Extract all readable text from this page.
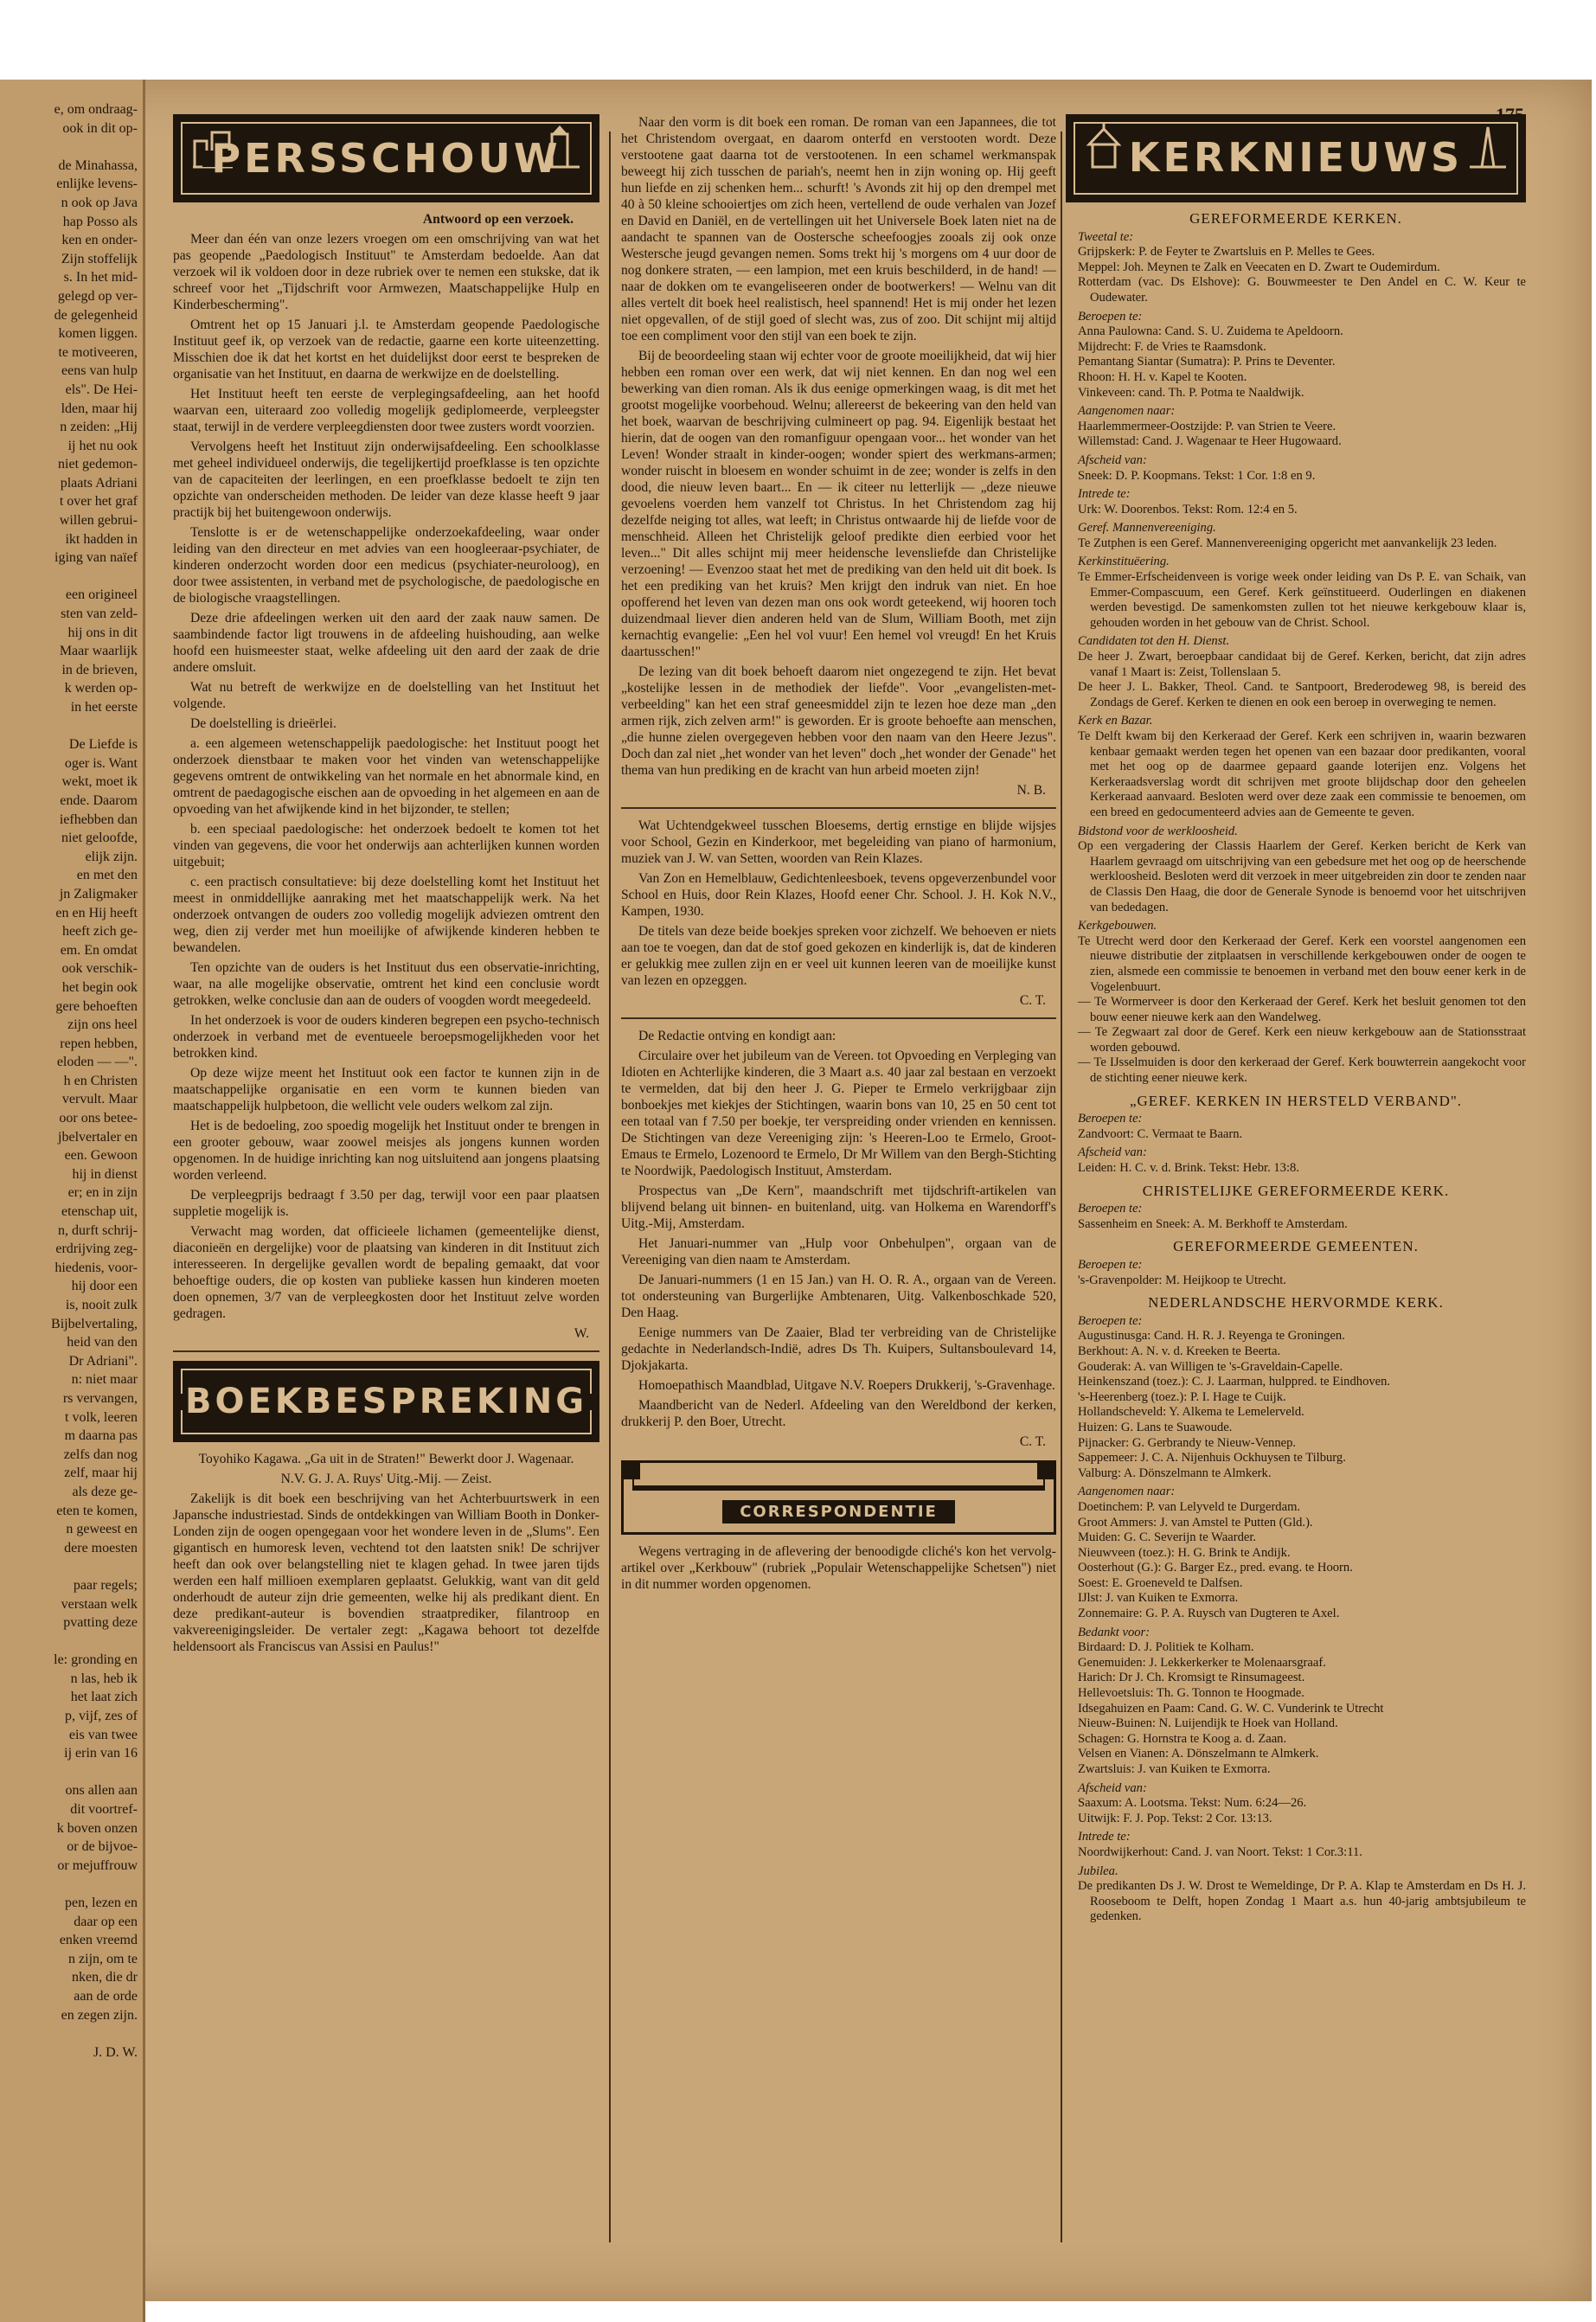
e, om ondraag-
ook in dit op-

de Minahassa,
enlijke levens-
n ook op Java
hap Posso als
ken en onder-
Zijn stoffelijk
s. In het mid-
gelegd op ver-
de gelegenheid
komen liggen.
te motiveeren,
eens van hulp
els". De Hei-
lden, maar hij
n zeiden: „Hij
ij het nu ook
niet gedemon-
plaats Adriani
t over het graf
willen gebrui-
ikt hadden in
iging van naïef

een origineel
sten van zeld-
hij ons in dit
Maar waarlijk
in de brieven,
k werden op-
in het eerste

De Liefde is
oger is. Want
wekt, moet ik
ende. Daarom
iefhebben dan
niet geloofde,
elijk zijn.
en met den
jn Zaligmaker
en en Hij heeft
heeft zich ge-
em. En omdat
ook verschik-
het begin ook
gere behoeften
zijn ons heel
repen hebben,
eloden — —".
h en Christen
vervult. Maar
oor ons betee-
jbelvertaler en
een. Gewoon
hij in dienst
er; en in zijn
etenschap uit,
n, durft schrij-
erdrijving zeg-
hiedenis, voor-
hij door een
is, nooit zulk
Bijbelvertaling,
heid van den
Dr Adriani".
n: niet maar
rs vervangen,
t volk, leeren
m daarna pas
zelfs dan nog
zelf, maar hij
als deze ge-
eten te komen,
n geweest en
dere moesten

paar regels;
verstaan welk
pvatting deze

le: gronding en
n las, heb ik
het laat zich
p, vijf, zes of
eis van twee
ij erin van 16

ons allen aan
dit voortref-
k boven onzen
or de bijvoe-
or mejuffrouw

pen, lezen en
daar op een
enken vreemd
n zijn, om te
nken, die dr
aan de orde
en zegen zijn.

J. D. W.
PERSSCHOUW

Antwoord op een verzoek.

Meer dan één van onze lezers vroegen om een omschrijving van wat het pas geopende „Paedologisch Instituut" te Amsterdam bedoelde. Aan dat verzoek wil ik voldoen door in deze rubriek over te nemen een stukske, dat ik schreef voor het „Tijdschrift voor Armwezen, Maatschappelijke Hulp en Kinderbescherming".

Omtrent het op 15 Januari j.l. te Amsterdam geopende Paedologische Instituut geef ik, op verzoek van de redactie, gaarne een korte uiteenzetting. Misschien doe ik dat het kortst en het duidelijkst door eerst te bespreken de organisatie van het Instituut, en daarna de werkwijze en de doelstelling.

Het Instituut heeft ten eerste de verplegingsafdeeling, aan het hoofd waarvan een, uiteraard zoo volledig mogelijk gediplomeerde, verpleegster staat, terwijl in de verdere verpleegdiensten door twee zusters wordt voorzien.

Vervolgens heeft het Instituut zijn onderwijsafdeeling. Een schoolklasse met geheel individueel onderwijs, die tegelijkertijd proefklasse is ten opzichte van de capaciteiten der leerlingen, en een proefklasse bedoelt te zijn ten opzichte van onderscheiden methoden. De leider van deze klasse heeft 9 jaar practijk bij het buitengewoon onderwijs.

Tenslotte is er de wetenschappelijke onderzoekafdeeling, waar onder leiding van den directeur en met advies van een hoogleeraar-psychiater, de kinderen onderzocht worden door een medicus (psychiater-neuroloog), en door twee assistenten, in verband met de psychologische, de paedologische en de biologische vraagstellingen.

Deze drie afdeelingen werken uit den aard der zaak nauw samen. De saambindende factor ligt trouwens in de afdeeling huishouding, aan welke hoofd een huismeester staat, welke afdeeling uit den aard der zaak de drie andere omsluit.

Wat nu betreft de werkwijze en de doelstelling van het Instituut het volgende.

De doelstelling is drieërlei.

a. een algemeen wetenschappelijk paedologische: het Instituut poogt het onderzoek dienstbaar te maken voor het vinden van wetenschappelijke gegevens omtrent de ontwikkeling van het normale en het abnormale kind, en omtrent de paedagogische eischen aan de opvoeding in het algemeen en aan de opvoeding van het afwijkende kind in het bijzonder, te stellen;

b. een speciaal paedologische: het onderzoek bedoelt te komen tot het vinden van gegevens, die voor het onderwijs aan achterlijken kunnen worden uitgebuit;

c. een practisch consultatieve: bij deze doelstelling komt het Instituut het meest in onmiddellijke aanraking met het maatschappelijk werk. Na het onderzoek ontvangen de ouders zoo volledig mogelijk adviezen omtrent den weg, dien zij verder met hun moeilijke of afwijkende kinderen hebben te bewandelen.

Ten opzichte van de ouders is het Instituut dus een observatie-inrichting, waar, na alle mogelijke observatie, omtrent het kind een conclusie wordt getrokken, welke conclusie dan aan de ouders of voogden wordt meegedeeld.

In het onderzoek is voor de ouders kinderen begrepen een psycho-technisch onderzoek in verband met de eventueele beroepsmogelijkheden voor het betrokken kind.

Op deze wijze meent het Instituut ook een factor te kunnen zijn in de maatschappelijke organisatie en een vorm te kunnen bieden van maatschappelijk hulpbetoon, die wellicht vele ouders welkom zal zijn.

Het is de bedoeling, zoo spoedig mogelijk het Instituut onder te brengen in een grooter gebouw, waar zoowel meisjes als jongens kunnen worden opgenomen. In de huidige inrichting kan nog uitsluitend aan jongens plaatsing worden verleend.

De verpleegprijs bedraagt f 3.50 per dag, terwijl voor een paar plaatsen suppletie mogelijk is.

Verwacht mag worden, dat officieele lichamen (gemeentelijke dienst, diaconieën en dergelijke) voor de plaatsing van kinderen in dit Instituut zich interesseeren. In dergelijke gevallen wordt de bepaling gemaakt, dat voor behoeftige ouders, die op kosten van publieke kassen hun kinderen moeten doen opnemen, 3/7 van de verpleegkosten door het Instituut zelve worden gedragen.

W.

BOEKBESPREKING

Toyohiko Kagawa. „Ga uit in de Straten!" Bewerkt door J. Wagenaar.

N.V. G. J. A. Ruys' Uitg.-Mij. — Zeist.

Zakelijk is dit boek een beschrijving van het Achterbuurtswerk in een Japansche industriestad. Sinds de ontdekkingen van William Booth in Donker-Londen zijn de oogen opengegaan voor het wondere leven in de „Slums". Een gigantisch en humoresk leven, vechtend tot den laatsten snik! De schrijver heeft dan ook over belangstelling niet te klagen gehad. In twee jaren tijds werden een half millioen exemplaren geplaatst. Gelukkig, want van dit geld onderhoudt de auteur zijn drie gemeenten, welke hij als predikant dient. En deze predikant-auteur is bovendien straatprediker, filantroop en vakvereenigingsleider. De vertaler zegt: „Kagawa behoort tot dezelfde heldensoort als Franciscus van Assisi en Paulus!"

Naar den vorm is dit boek een roman. De roman van een Japannees, die tot het Christendom overgaat, en daarom onterfd en verstooten wordt. Deze verstootene gaat daarna tot de verstootenen. In een schamel werkmanspak beweegt hij zich tusschen de pariah's, neemt hen in zijn woning op. Hij geeft hun liefde en zij schenken hem... schurft! 's Avonds zit hij op den drempel met 40 à 50 kleine schooiertjes om zich heen, vertellend de oude verhalen van Jozef en David en Daniël, en de vertellingen uit het Universele Boek laten niet na de aandacht te spannen van de Oostersche scheefoogjes zooals zij ook onze Westersche jeugd gevangen nemen. Soms trekt hij 's morgens om 4 uur door de nog donkere straten, — een lampion, met een kruis beschilderd, in de hand! — naar de dokken om te evangeliseeren onder de bootwerkers! — Welnu van dit alles vertelt dit boek heel realistisch, heel spannend! Het is mij onder het lezen niet opgevallen, of de stijl goed of slecht was, zus of zoo. Dit schijnt mij altijd toe een compliment voor den stijl van een boek te zijn.

Bij de beoordeeling staan wij echter voor de groote moeilijkheid, dat wij hier hebben een roman over een werk, dat wij niet kennen. En dan nog wel een bewerking van dien roman. Als ik dus eenige opmerkingen waag, is dit met het grootst mogelijke voorbehoud. Welnu; allereerst de bekeering van den held van het boek, waarvan de beschrijving culmineert op pag. 94. Eigenlijk bestaat het hierin, dat de oogen van den romanfiguur opengaan voor... het wonder van het Leven! Wonder straalt in kinder-oogen; wonder spiert des werkmans-armen; wonder ruischt in bloesem en wonder schuimt in de zee; wonder is zelfs in den dood, die nieuw leven baart... En — ik citeer nu letterlijk — „deze nieuwe gevoelens voerden hem vanzelf tot Christus. In het Christendom zag hij dezelfde neiging tot alles, wat leeft; in Christus ontwaarde hij de liefde voor de menschheid. Alleen het Christelijk geloof predikte dien eerbied voor het leven..." Dit alles schijnt mij meer heidensche levensliefde dan Christelijke verzoening! — Evenzoo staat het met de prediking van den held uit dit boek. Is het een prediking van het kruis? Men krijgt den indruk van niet. En hoe opofferend het leven van dezen man ons ook wordt geteekend, wij hooren toch duizendmaal liever dien anderen held van de Slum, William Booth, met zijn kernachtig evangelie: „Een hel vol vuur! Een hemel vol vreugd! En het Kruis daartusschen!"

De lezing van dit boek behoeft daarom niet ongezegend te zijn. Het bevat „kostelijke lessen in de methodiek der liefde". Voor „evangelisten-met-verbeelding" kan het een straf geneesmiddel zijn te lezen hoe deze man „den armen rijk, zich zelven arm!" is geworden. Er is groote behoefte aan menschen, „die hunne zielen overgegeven hebben voor den naam van den Heere Jezus". Doch dan zal niet „het wonder van het leven" doch „het wonder der Genade" het thema van hun prediking en de kracht van hun arbeid moeten zijn!

N. B.

Wat Uchtendgekweel tusschen Bloesems, dertig ernstige en blijde wijsjes voor School, Gezin en Kinderkoor, met begeleiding van piano of harmonium, muziek van J. W. van Setten, woorden van Rein Klazes.

Van Zon en Hemelblauw, Gedichtenleesboek, tevens opgeverzenbundel voor School en Huis, door Rein Klazes, Hoofd eener Chr. School. J. H. Kok N.V., Kampen, 1930.

De titels van deze beide boekjes spreken voor zichzelf. We behoeven er niets aan toe te voegen, dan dat de stof goed gekozen en kinderlijk is, dat de kinderen er gelukkig mee zullen zijn en er veel uit kunnen leeren van de moeilijke kunst van lezen en opzeggen.

C. T.

De Redactie ontving en kondigt aan:

Circulaire over het jubileum van de Vereen. tot Opvoeding en Verpleging van Idioten en Achterlijke kinderen, die 3 Maart a.s. 40 jaar zal bestaan en verzoekt te vermelden, dat bij den heer J. G. Pieper te Ermelo verkrijgbaar zijn bonboekjes met kiekjes der Stichtingen, waarin bons van 10, 25 en 50 cent tot een totaal van f 7.50 per boekje, ter verspreiding onder vrienden en kennissen. De Stichtingen van deze Vereeniging zijn: 's Heeren-Loo te Ermelo, Groot-Emaus te Ermelo, Lozenoord te Ermelo, Dr Mr Willem van den Bergh-Stichting te Noordwijk, Paedologisch Instituut, Amsterdam.

Prospectus van „De Kern", maandschrift met tijdschrift-artikelen van blijvend belang uit binnen- en buitenland, uitg. van Holkema en Warendorff's Uitg.-Mij, Amsterdam.

Het Januari-nummer van „Hulp voor Onbehulpen", orgaan van de Vereeniging van dien naam te Amsterdam.

De Januari-nummers (1 en 15 Jan.) van H. O. R. A., orgaan van de Vereen. tot ondersteuning van Burgerlijke Ambtenaren, Uitg. Valkenboschkade 520, Den Haag.

Eenige nummers van De Zaaier, Blad ter verbreiding van de Christelijke gedachte in Nederlandsch-Indië, adres Ds Th. Kuipers, Sultansboulevard 14, Djokjakarta.

Homoepathisch Maandblad, Uitgave N.V. Roepers Drukkerij, 's-Gravenhage.

Maandbericht van de Nederl. Afdeeling van den Wereldbond der kerken, drukkerij P. den Boer, Utrecht.

C. T.

CORRESPONDENTIE

Wegens vertraging in de aflevering der benoodigde cliché's kon het vervolg-artikel over „Kerkbouw" (rubriek „Populair Wetenschappelijke Schetsen") niet in dit nummer worden opgenomen.

KERKNIEUWS
GEREFORMEERDE KERKEN.

Tweetal te:

Grijpskerk: P. de Feyter te Zwartsluis en P. Melles te Gees.

Meppel: Joh. Meynen te Zalk en Veecaten en D. Zwart te Oudemirdum.

Rotterdam (vac. Ds Elshove): G. Bouwmeester te Den Andel en C. W. Keur te Oudewater.

Beroepen te:

Anna Paulowna: Cand. S. U. Zuidema te Apeldoorn.

Mijdrecht: F. de Vries te Raamsdonk.

Pemantang Siantar (Sumatra): P. Prins te Deventer.

Rhoon: H. H. v. Kapel te Kooten.

Vinkeveen: cand. Th. P. Potma te Naaldwijk.

Aangenomen naar:

Haarlemmermeer-Oostzijde: P. van Strien te Veere.

Willemstad: Cand. J. Wagenaar te Heer Hugowaard.

Afscheid van:

Sneek: D. P. Koopmans. Tekst: 1 Cor. 1:8 en 9.

Intrede te:

Urk: W. Doorenbos. Tekst: Rom. 12:4 en 5.

Geref. Mannenvereeniging.

Te Zutphen is een Geref. Mannenvereeniging opgericht met aanvankelijk 23 leden.

Kerkinstituëering.

Te Emmer-Erfscheidenveen is vorige week onder leiding van Ds P. E. van Schaik, van Emmer-Compascuum, een Geref. Kerk geïnstitueerd. Ouderlingen en diakenen werden bevestigd. De samenkomsten zullen tot het nieuwe kerkgebouw klaar is, gehouden worden in het gebouw van de Christ. School.

Candidaten tot den H. Dienst.

De heer J. Zwart, beroepbaar candidaat bij de Geref. Kerken, bericht, dat zijn adres vanaf 1 Maart is: Zeist, Tollenslaan 5.

De heer J. L. Bakker, Theol. Cand. te Santpoort, Brederodeweg 98, is bereid des Zondags de Geref. Kerken te dienen en ook een beroep in overweging te nemen.

Kerk en Bazar.

Te Delft kwam bij den Kerkeraad der Geref. Kerk een schrijven in, waarin bezwaren kenbaar gemaakt werden tegen het openen van een bazaar door predikanten, vooral met het oog op de daarmee gepaard gaande loterijen enz. Volgens het Kerkeraadsverslag wordt dit schrijven met groote blijdschap door den geheelen Kerkeraad aanvaard. Besloten werd over deze zaak een commissie te benoemen, om een breed en gedocumenteerd advies aan de Gemeente te geven.

Bidstond voor de werkloosheid.

Op een vergadering der Classis Haarlem der Geref. Kerken bericht de Kerk van Haarlem gevraagd om uitschrijving van een gebedsure met het oog op de heerschende werkloosheid. Besloten werd dit verzoek in meer uitgebreiden zin door te zenden naar de Classis Den Haag, die door de Generale Synode is benoemd voor het uitschrijven van bededagen.

Kerkgebouwen.

Te Utrecht werd door den Kerkeraad der Geref. Kerk een voorstel aangenomen een nieuwe distributie der zitplaatsen in verschillende kerkgebouwen onder de oogen te zien, alsmede een commissie te benoemen in verband met den bouw eener kerk in de Vogelenbuurt.

— Te Wormerveer is door den Kerkeraad der Geref. Kerk het besluit genomen tot den bouw eener nieuwe kerk aan den Wandelweg.

— Te Zegwaart zal door de Geref. Kerk een nieuw kerkgebouw aan de Stationsstraat worden gebouwd.

— Te IJsselmuiden is door den kerkeraad der Geref. Kerk bouwterrein aangekocht voor de stichting eener nieuwe kerk.

„GEREF. KERKEN IN HERSTELD VERBAND".

Beroepen te:

Zandvoort: C. Vermaat te Baarn.

Afscheid van:

Leiden: H. C. v. d. Brink. Tekst: Hebr. 13:8.

CHRISTELIJKE GEREFORMEERDE KERK.

Beroepen te:

Sassenheim en Sneek: A. M. Berkhoff te Amsterdam.

GEREFORMEERDE GEMEENTEN.

Beroepen te:

's-Gravenpolder: M. Heijkoop te Utrecht.

NEDERLANDSCHE HERVORMDE KERK.

Beroepen te:

Augustinusga: Cand. H. R. J. Reyenga te Groningen.

Berkhout: A. N. v. d. Kreeken te Beerta.

Gouderak: A. van Willigen te 's-Graveldain-Capelle.

Heinkenszand (toez.): C. J. Laarman, hulppred. te Eindhoven.

's-Heerenberg (toez.): P. I. Hage te Cuijk.

Hollandscheveld: Y. Alkema te Lemelerveld.

Huizen: G. Lans te Suawoude.

Pijnacker: G. Gerbrandy te Nieuw-Vennep.

Sappemeer: J. C. A. Nijenhuis Ockhuysen te Tilburg.

Valburg: A. Dönszelmann te Almkerk.

Aangenomen naar:

Doetinchem: P. van Lelyveld te Durgerdam.

Groot Ammers: J. van Amstel te Putten (Gld.).

Muiden: G. C. Severijn te Waarder.

Nieuwveen (toez.): H. G. Brink te Andijk.

Oosterhout (G.): G. Barger Ez., pred. evang. te Hoorn.

Soest: E. Groeneveld te Dalfsen.

IJlst: J. van Kuiken te Exmorra.

Zonnemaire: G. P. A. Ruysch van Dugteren te Axel.

Bedankt voor:

Birdaard: D. J. Politiek te Kolham.

Genemuiden: J. Lekkerkerker te Molenaarsgraaf.

Harich: Dr J. Ch. Kromsigt te Rinsumageest.

Hellevoetsluis: Th. G. Tonnon te Hoogmade.

Idsegahuizen en Paam: Cand. G. W. C. Vunderink te Utrecht

Nieuw-Buinen: N. Luijendijk te Hoek van Holland.

Schagen: G. Hornstra te Koog a. d. Zaan.

Velsen en Vianen: A. Dönszelmann te Almkerk.

Zwartsluis: J. van Kuiken te Exmorra.

Afscheid van:

Saaxum: A. Lootsma. Tekst: Num. 6:24—26.

Uitwijk: F. J. Pop. Tekst: 2 Cor. 13:13.

Intrede te:

Noordwijkerhout: Cand. J. van Noort. Tekst: 1 Cor.3:11.

Jubilea.

De predikanten Ds J. W. Drost te Wemeldinge, Dr P. A. Klap te Amsterdam en Ds H. J. Rooseboom te Delft, hopen Zondag 1 Maart a.s. hun 40-jarig ambtsjubileum te gedenken.
